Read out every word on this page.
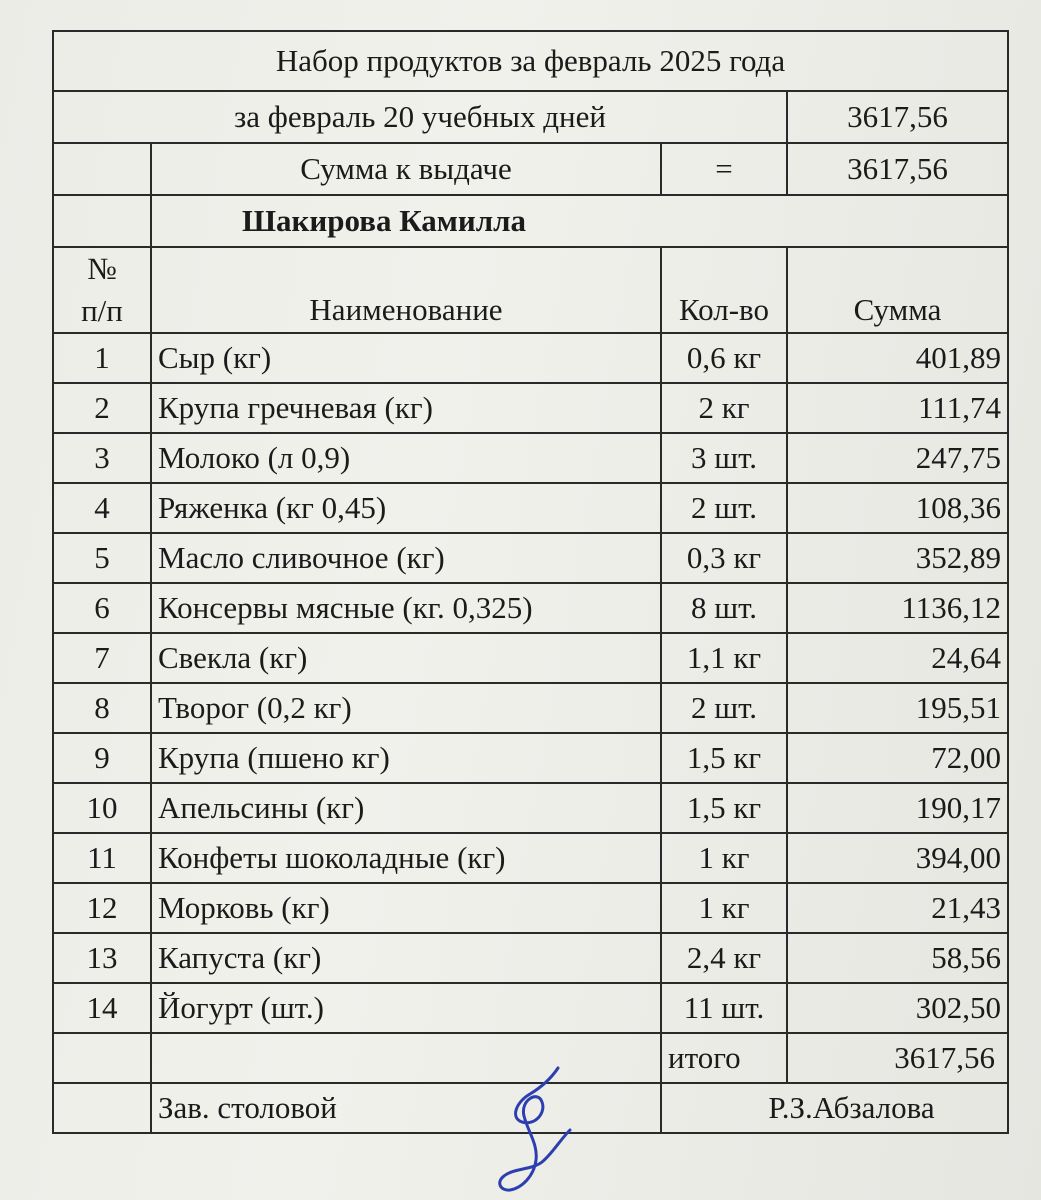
Набор продуктов за февраль 2025 года			
за февраль 20 учебных дней			3617,56
	Сумма к выдаче	=	3617,56
	Шакирова Камилла		
№
п/п	Наименование	Кол-во	Сумма
1	Сыр (кг)	0,6 кг	401,89
2	Крупа гречневая (кг)	2 кг	111,74
3	Молоко (л 0,9)	3 шт.	247,75
4	Ряженка (кг 0,45)	2 шт.	108,36
5	Масло сливочное (кг)	0,3 кг	352,89
6	Консервы мясные (кг. 0,325)	8 шт.	1136,12
7	Свекла (кг)	1,1 кг	24,64
8	Творог (0,2 кг)	2 шт.	195,51
9	Крупа (пшено кг)	1,5 кг	72,00
10	Апельсины (кг)	1,5 кг	190,17
11	Конфеты шоколадные (кг)	1 кг	394,00
12	Морковь (кг)	1 кг	21,43
13	Капуста (кг)	2,4 кг	58,56
14	Йогурт (шт.)	11 шт.	302,50
		итого	3617,56
	Зав. столовой	Р.З.Абзалова	
